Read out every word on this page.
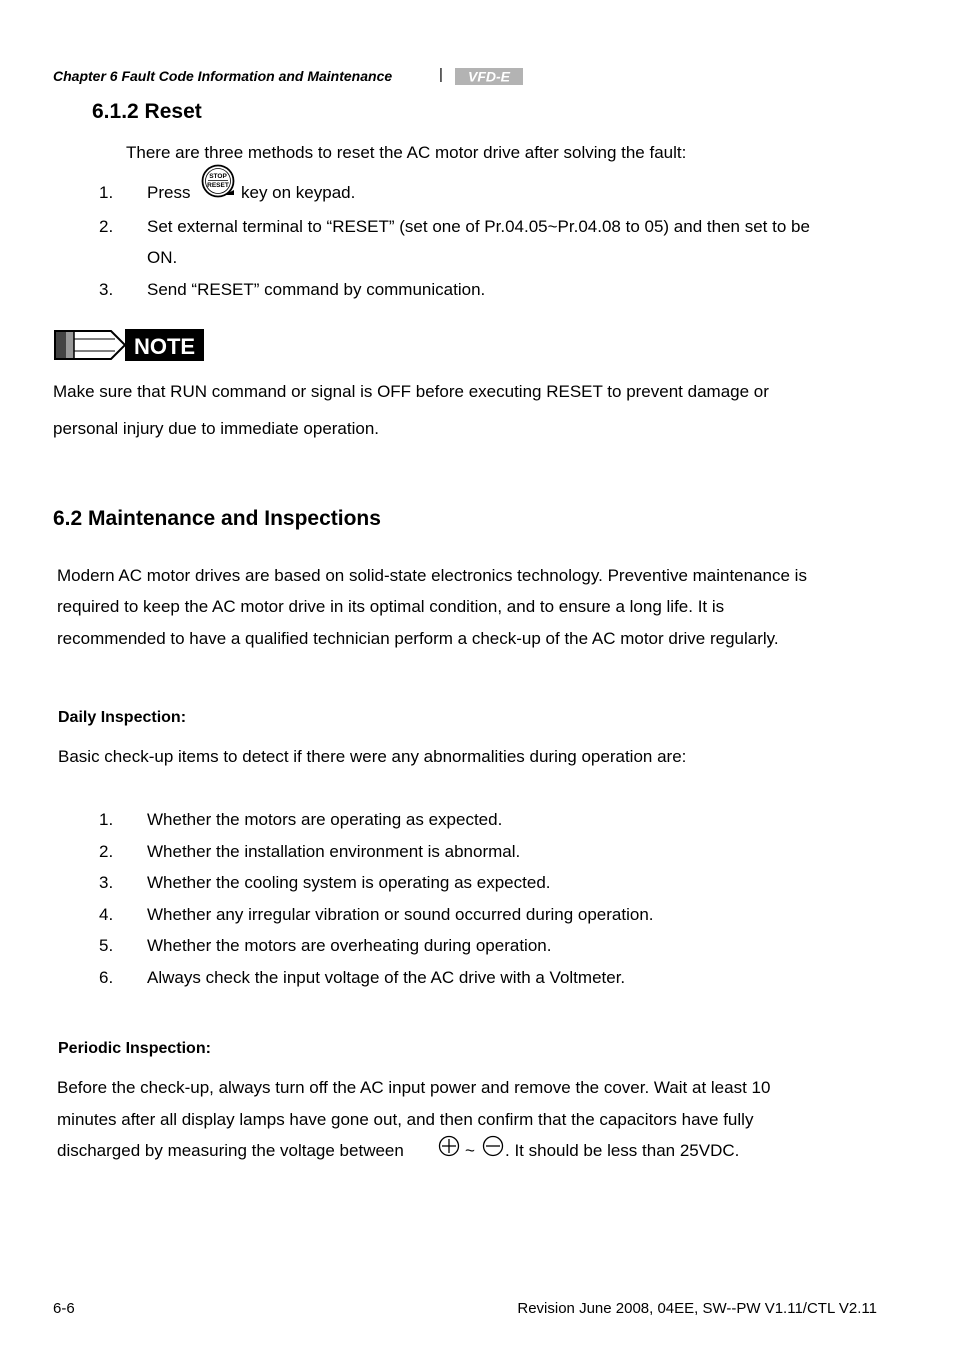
Chapter 6 Fault Code Information and Maintenance	| VFD-E
6.1.2 Reset
There are three methods to reset the AC motor drive after solving the fault:
1.	Press
STOP
RESET key on keypad.
2.	Set external terminal to “RESET” (set one of Pr.04.05~Pr.04.08 to 05) and then set to be
ON.
3.	Send “RESET” command by communication.
NOTE
Make sure that RUN command or signal is OFF before executing RESET to prevent damage or
personal injury due to immediate operation.
6.2 Maintenance and Inspections
Modern AC motor drives are based on solid-state electronics technology. Preventive maintenance is
required to keep the AC motor drive in its optimal condition, and to ensure a long life. It is
recommended to have a qualified technician perform a check-up of the AC motor drive regularly.
Daily Inspection:
Basic check-up items to detect if there were any abnormalities during operation are:
1.	Whether the motors are operating as expected.
2.	Whether the installation environment is abnormal.
3.	Whether the cooling system is operating as expected.
4.	Whether any irregular vibration or sound occurred during operation.
5.	Whether the motors are overheating during operation.
6.	Always check the input voltage of the AC drive with a Voltmeter.
Periodic Inspection:
Before the check-up, always turn off the AC input power and remove the cover. Wait at least 10
minutes after all display lamps have gone out, and then confirm that the capacitors have fully
discharged by measuring the voltage between	~ . It should be less than 25VDC.
6-6	Revision June 2008, 04EE, SW--PW V1.11/CTL V2.11
